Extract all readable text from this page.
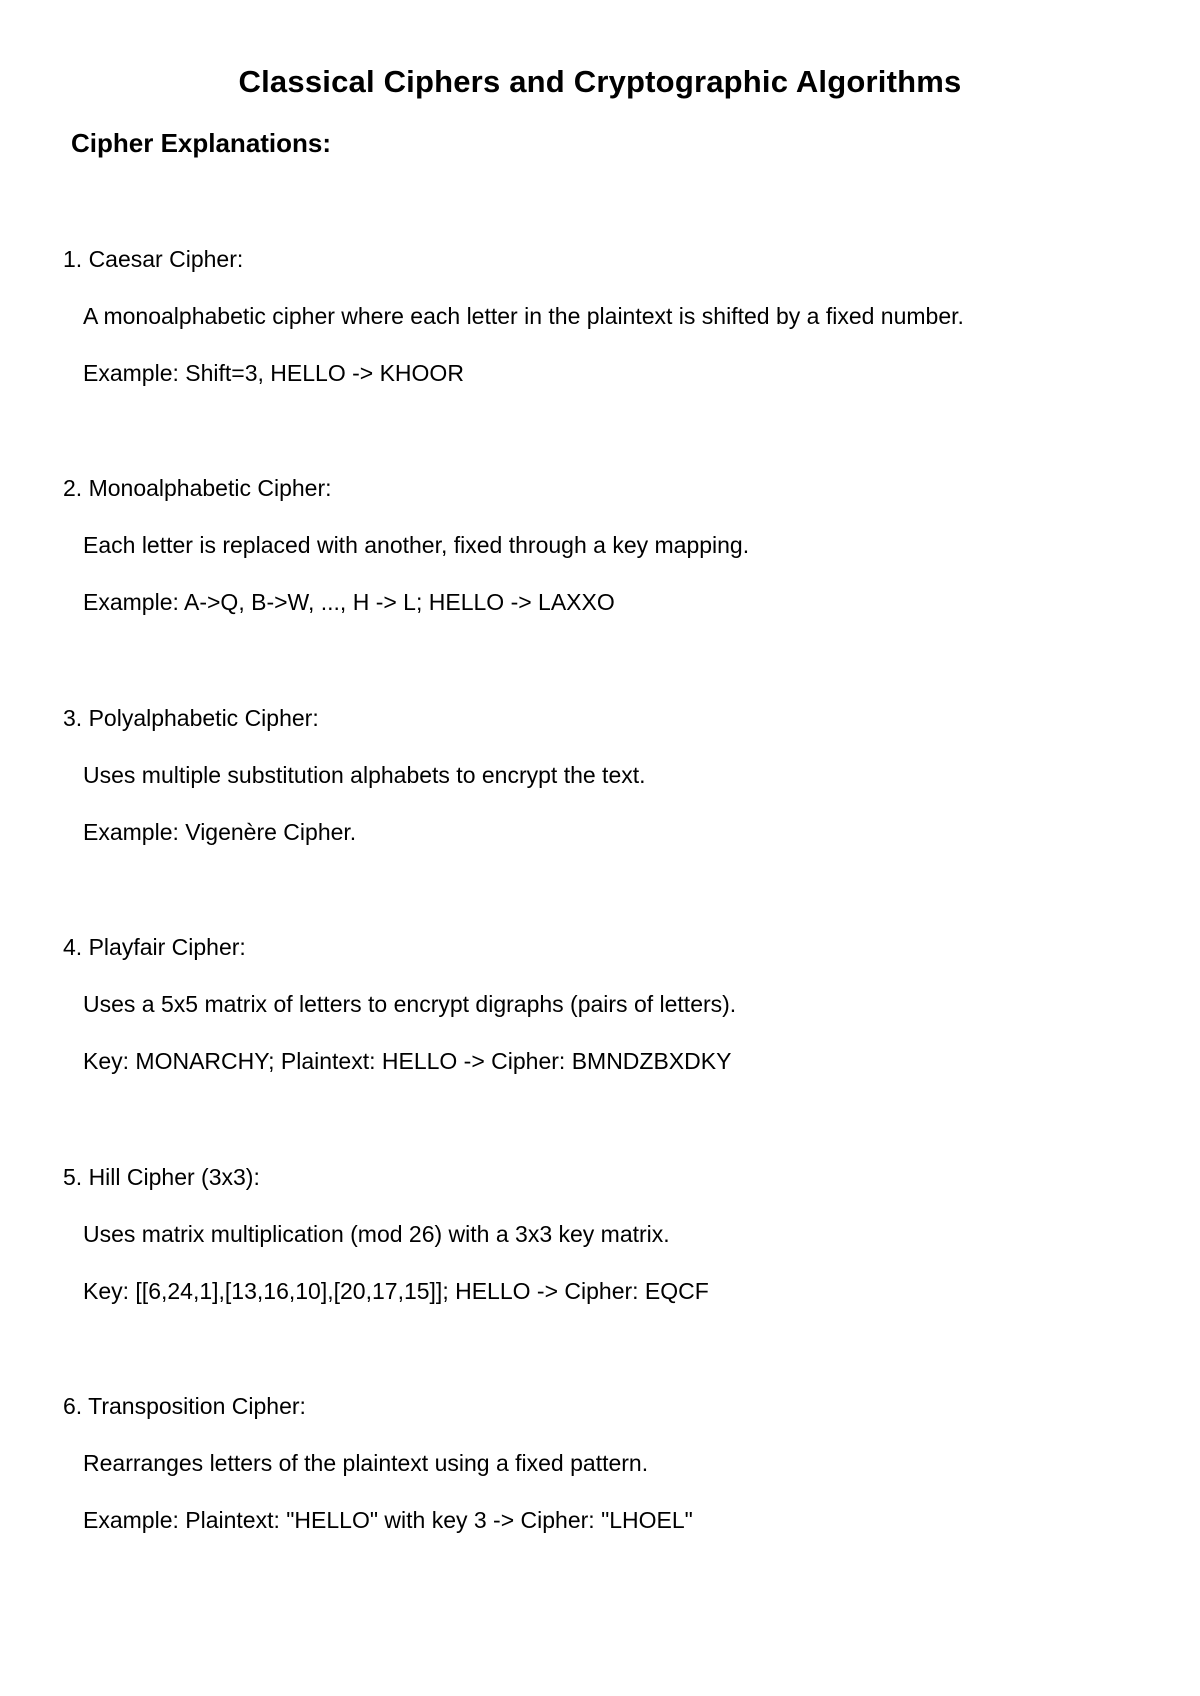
Classical Ciphers and Cryptographic Algorithms
Cipher Explanations:
1. Caesar Cipher:
A monoalphabetic cipher where each letter in the plaintext is shifted by a fixed number.
Example: Shift=3, HELLO -> KHOOR
2. Monoalphabetic Cipher:
Each letter is replaced with another, fixed through a key mapping.
Example: A->Q, B->W, ..., H -> L; HELLO -> LAXXO
3. Polyalphabetic Cipher:
Uses multiple substitution alphabets to encrypt the text.
Example: Vigenère Cipher.
4. Playfair Cipher:
Uses a 5x5 matrix of letters to encrypt digraphs (pairs of letters).
Key: MONARCHY; Plaintext: HELLO -> Cipher: BMNDZBXDKY
5. Hill Cipher (3x3):
Uses matrix multiplication (mod 26) with a 3x3 key matrix.
Key: [[6,24,1],[13,16,10],[20,17,15]]; HELLO -> Cipher: EQCF
6. Transposition Cipher:
Rearranges letters of the plaintext using a fixed pattern.
Example: Plaintext: "HELLO" with key 3 -> Cipher: "LHOEL"
